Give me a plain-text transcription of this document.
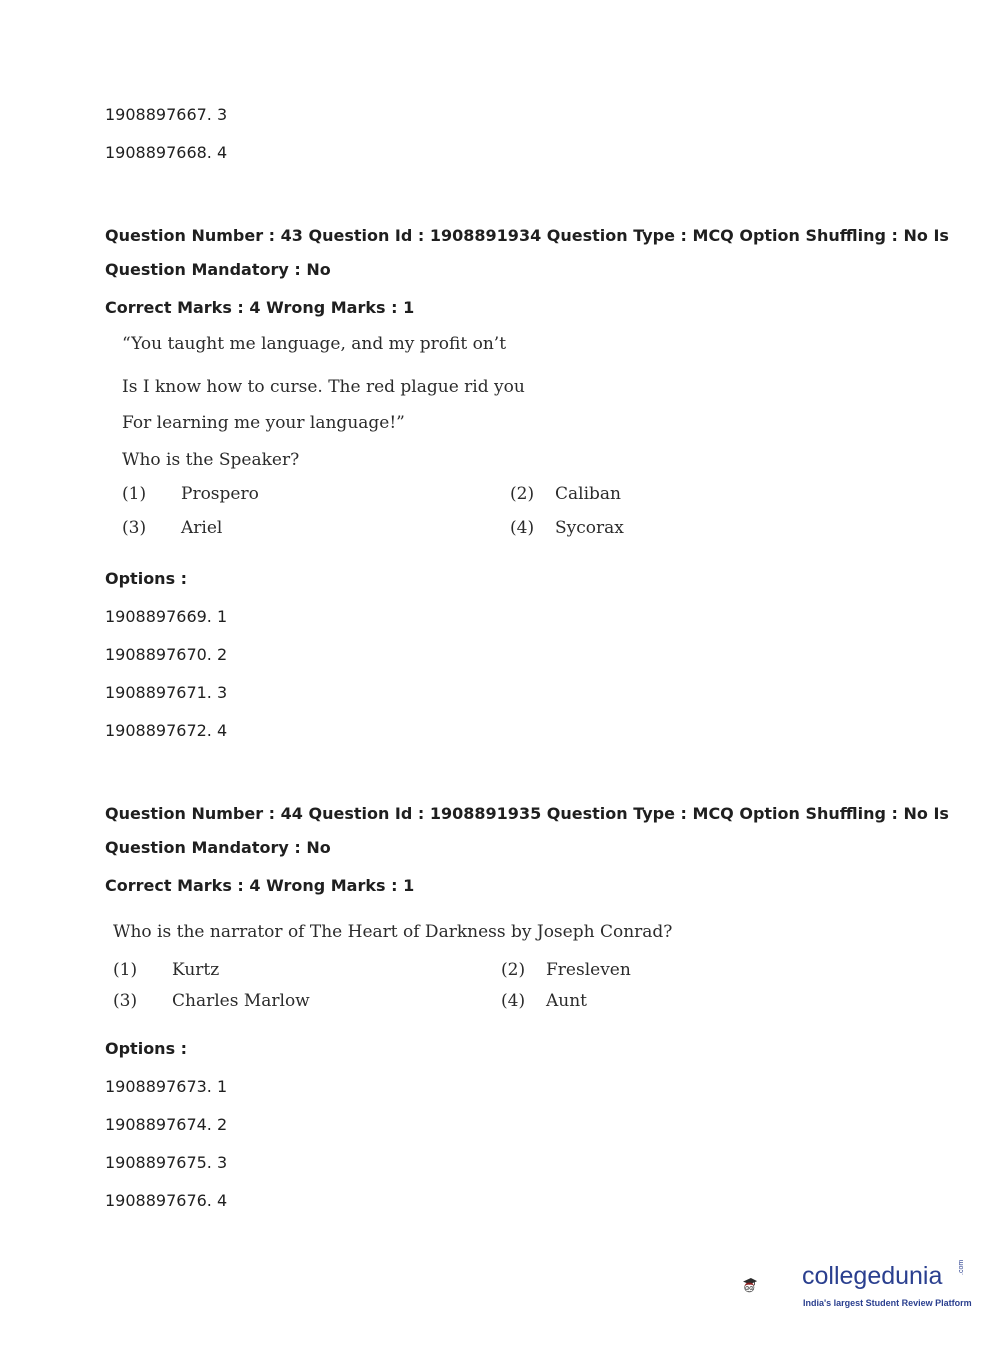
1908897667. 3
1908897668. 4
Question Number : 43 Question Id : 1908891934 Question Type : MCQ Option Shuffling : No Is
Question Mandatory : No
Correct Marks : 4 Wrong Marks : 1
“You taught me language, and my profit on’t
Is I know how to curse. The red plague rid you
For learning me your language!”
Who is the Speaker?
(1) Prospero	(2) Caliban
(3) Ariel	(4) Sycorax
Options :
1908897669. 1
1908897670. 2
1908897671. 3
1908897672. 4
Question Number : 44 Question Id : 1908891935 Question Type : MCQ Option Shuffling : No Is
Question Mandatory : No
Correct Marks : 4 Wrong Marks : 1
Who is the narrator of The Heart of Darkness by Joseph Conrad?
(1) Kurtz	(2) Fresleven
(3) Charles Marlow	(4) Aunt
Options :
1908897673. 1
1908897674. 2
1908897675. 3
1908897676. 4
collegedunia .com
India's largest Student Review Platform
